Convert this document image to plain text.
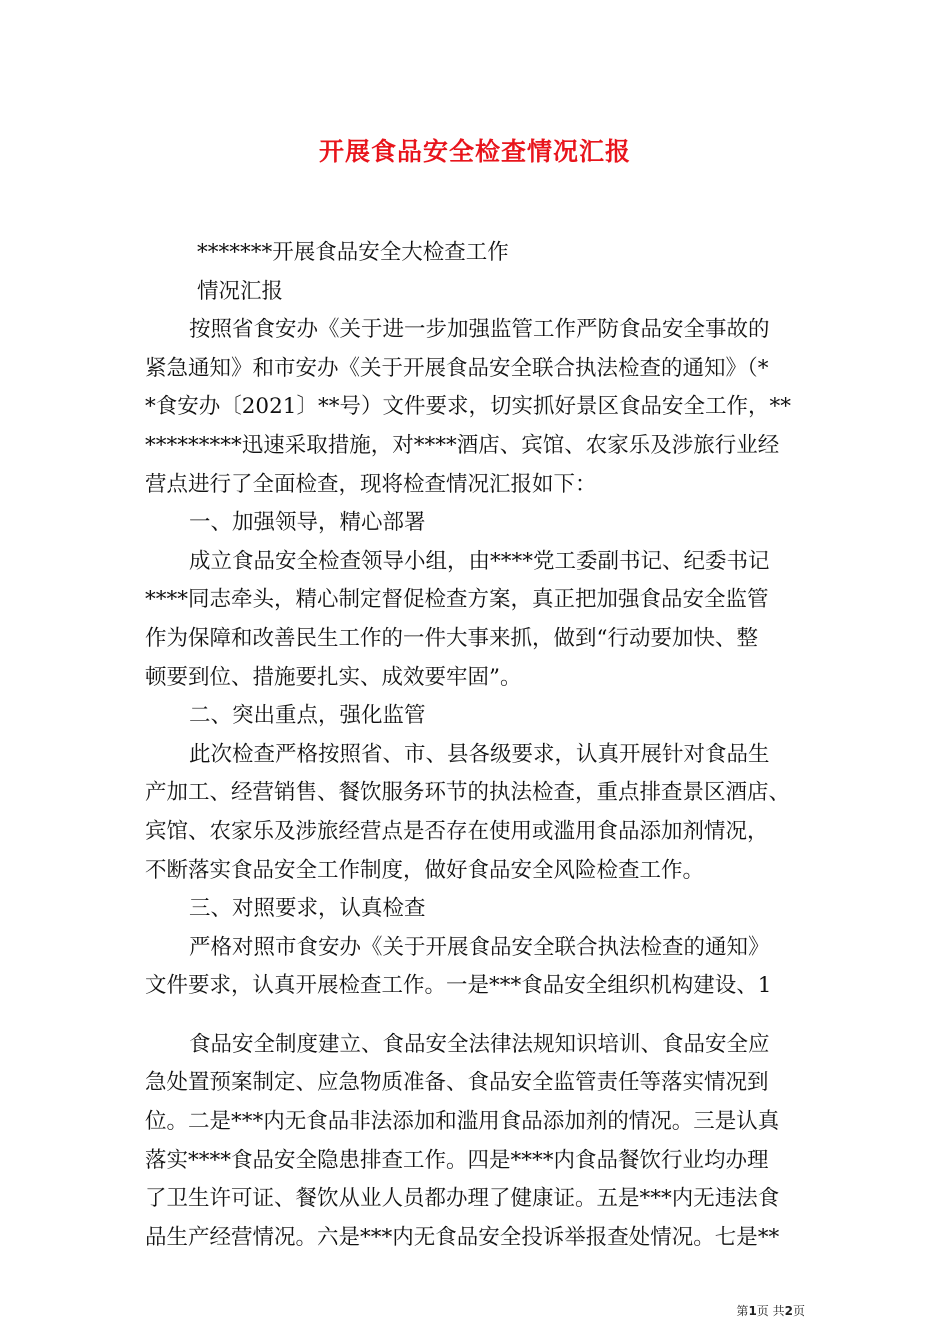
开展食品安全检查情况汇报
*******开展食品安全大检查工作
情况汇报
按照省食安办《关于进一步加强监管工作严防食品安全事故的
紧急通知》和市安办《关于开展食品安全联合执法检查的通知》（*
*食安办〔2021〕**号）文件要求，切实抓好景区食品安全工作，**
*********迅速采取措施，对****酒店、宾馆、农家乐及涉旅行业经
营点进行了全面检查，现将检查情况汇报如下：
一、加强领导，精心部署
成立食品安全检查领导小组，由****党工委副书记、纪委书记
****同志牵头，精心制定督促检查方案，真正把加强食品安全监管
作为保障和改善民生工作的一件大事来抓，做到“行动要加快、整
顿要到位、措施要扎实、成效要牢固”。
二、突出重点，强化监管
此次检查严格按照省、市、县各级要求，认真开展针对食品生
产加工、经营销售、餐饮服务环节的执法检查，重点排查景区酒店、
宾馆、农家乐及涉旅经营点是否存在使用或滥用食品添加剂情况，
不断落实食品安全工作制度，做好食品安全风险检查工作。
三、对照要求，认真检查
严格对照市食安办《关于开展食品安全联合执法检查的通知》
文件要求，认真开展检查工作。一是***食品安全组织机构建设、1
食品安全制度建立、食品安全法律法规知识培训、食品安全应
急处置预案制定、应急物质准备、食品安全监管责任等落实情况到
位。二是***内无食品非法添加和滥用食品添加剂的情况。三是认真
落实****食品安全隐患排查工作。四是****内食品餐饮行业均办理
了卫生许可证、餐饮从业人员都办理了健康证。五是***内无违法食
品生产经营情况。六是***内无食品安全投诉举报查处情况。七是**
第1页 共2页
